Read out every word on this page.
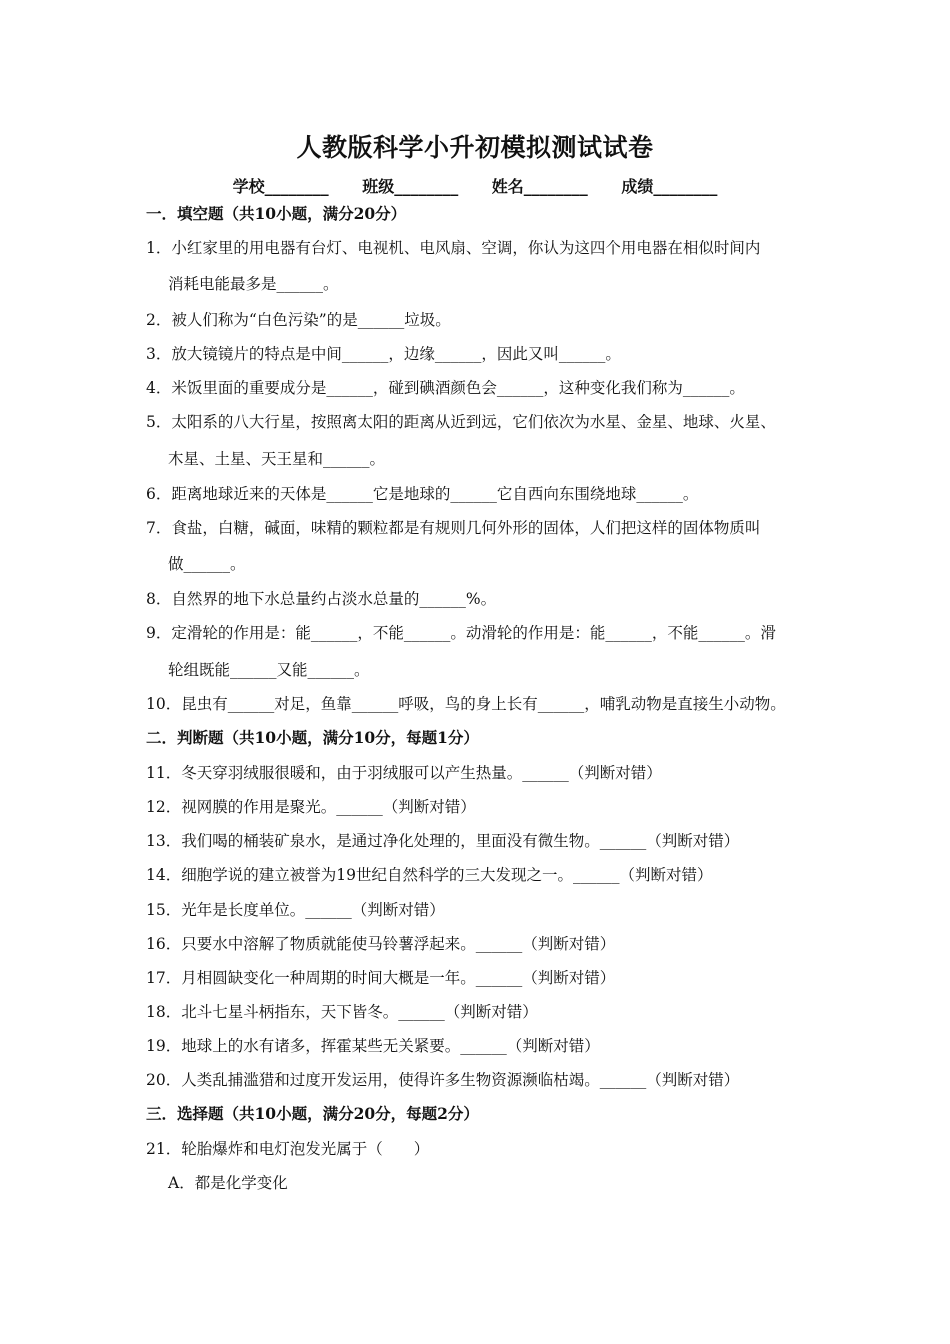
人教版科学小升初模拟测试试卷
学校________ 班级________ 姓名________ 成绩________
一．填空题（共10小题，满分20分）
1．小红家里的用电器有台灯、电视机、电风扇、空调，你认为这四个用电器在相似时间内
消耗电能最多是______。
2．被人们称为“白色污染”的是______垃圾。
3．放大镜镜片的特点是中间______，边缘______，因此又叫______。
4．米饭里面的重要成分是______，碰到碘酒颜色会______，这种变化我们称为______。
5．太阳系的八大行星，按照离太阳的距离从近到远，它们依次为水星、金星、地球、火星、
木星、土星、天王星和______。
6．距离地球近来的天体是______它是地球的______它自西向东围绕地球______。
7．食盐，白糖，碱面，味精的颗粒都是有规则几何外形的固体，人们把这样的固体物质叫
做______。
8．自然界的地下水总量约占淡水总量的______%。
9．定滑轮的作用是：能______，不能______。动滑轮的作用是：能______，不能______。滑
轮组既能______又能______。
10．昆虫有______对足，鱼靠______呼吸，鸟的身上长有______，哺乳动物是直接生小动物。
二．判断题（共10小题，满分10分，每题1分）
11．冬天穿羽绒服很暖和，由于羽绒服可以产生热量。______（判断对错）
12．视网膜的作用是聚光。______（判断对错）
13．我们喝的桶装矿泉水，是通过净化处理的，里面没有微生物。______（判断对错）
14．细胞学说的建立被誉为19世纪自然科学的三大发现之一。______（判断对错）
15．光年是长度单位。______（判断对错）
16．只要水中溶解了物质就能使马铃薯浮起来。______（判断对错）
17．月相圆缺变化一种周期的时间大概是一年。______（判断对错）
18．北斗七星斗柄指东，天下皆冬。______（判断对错）
19．地球上的水有诸多，挥霍某些无关紧要。______（判断对错）
20．人类乱捕滥猎和过度开发运用，使得许多生物资源濒临枯竭。______（判断对错）
三．选择题（共10小题，满分20分，每题2分）
21．轮胎爆炸和电灯泡发光属于（　　）
A．都是化学变化
